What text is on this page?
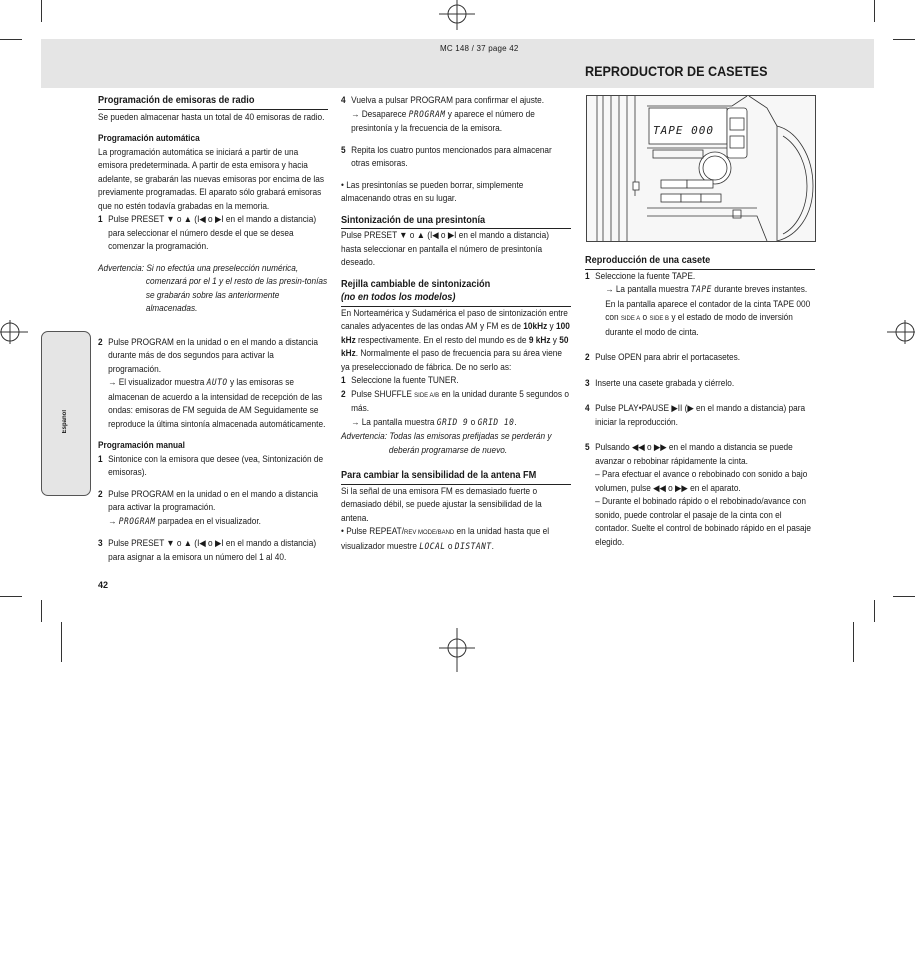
MC 148 / 37 page 42
REPRODUCTOR DE CASETES
Español

Programación de emisoras de radio

Se pueden almacenar hasta un total de 40 emisoras de radio.

Programación automática

La programación automática se iniciará a partir de una emisora predeterminada. A partir de esta emisora y hacia adelante, se grabarán las nuevas emisoras por encima de las previamente programadas. El aparato sólo grabará emisoras que no estén todavía grabadas en la memoria.

1 Pulse PRESET ▼ o ▲ (I◀ o ▶I en el mando a distancia) para seleccionar el número desde el que se desea comenzar la programación.

Advertencia: Si no efectúa una preselección numérica,

comenzará por el 1 y el resto de las presin-tonías se grabarán sobre las anteriormente almacenadas.

2 Pulse PROGRAM en la unidad o en el mando a distancia durante más de dos segundos para activar la programación.
→ El visualizador muestra AUTO y las emisoras se almacenan de acuerdo a la intensidad de recepción de las ondas: emisoras de FM seguida de AM Seguidamente se reproduce la última sintonía almacenada automáticamente.

Programación manual

1 Sintonice con la emisora que desee (vea, Sintonización de emisoras).
2 Pulse PROGRAM en la unidad o en el mando a distancia para activar la programación.
→ PROGRAM parpadea en el visualizador.
3 Pulse PRESET ▼ o ▲ (I◀ o ▶I en el mando a distancia) para asignar a la emisora un número del 1 al 40.
42
4 Vuelva a pulsar PROGRAM para confirmar el ajuste.
→ Desaparece PROGRAM y aparece el número de presintonía y la frecuencia de la emisora.
5 Repita los cuatro puntos mencionados para almacenar otras emisoras.

• Las presintonías se pueden borrar, simplemente almacenando otras en su lugar.

Sintonización de una presintonía

Pulse PRESET ▼ o ▲ (I◀ o ▶I en el mando a distancia) hasta seleccionar en pantalla el número de presintonía deseado.

Rejilla cambiable de sintonización

(no en todos los modelos)

En Norteamérica y Sudamérica el paso de sintonización entre canales adyacentes de las ondas AM y FM es de 10kHz y 100 kHz respectivamente. En el resto del mundo es de 9 kHz y 50 kHz. Normalmente el paso de frecuencia para su área viene ya preseleccionado de fábrica. De no serlo as:

1 Seleccione la fuente TUNER.
2 Pulse SHUFFLE SIDE A/B en la unidad durante 5 segundos o más.
→ La pantalla muestra GRID 9 o GRID 10.

Advertencia: Todas las emisoras prefijadas se perderán y

deberán programarse de nuevo.

Para cambiar la sensibilidad de la antena FM

Si la señal de una emisora FM es demasiado fuerte o demasiado débil, se puede ajustar la sensibilidad de la antena.

• Pulse REPEAT/REV MODE/BAND en la unidad hasta que el visualizador muestre LOCAL o DISTANT.

TAPE 000

Reproducción de una casete

1 Seleccione la fuente TAPE.
→ La pantalla muestra TAPE durante breves instantes. En la pantalla aparece el contador de la cinta TAPE 000 con SIDE A o SIDE B y el estado de modo de inversión durante el modo de cinta.
2 Pulse OPEN para abrir el portacasetes.
3 Inserte una casete grabada y ciérrelo.
4 Pulse PLAY•PAUSE ▶II (▶ en el mando a distancia) para iniciar la reproducción.
5 Pulsando ◀◀ o ▶▶ en el mando a distancia se puede avanzar o rebobinar rápidamente la cinta.

– Para efectuar el avance o rebobinado con sonido a bajo volumen, pulse ◀◀ o ▶▶ en el aparato.

– Durante el bobinado rápido o el rebobinado/avance con sonido, puede controlar el pasaje de la cinta con el contador. Suelte el control de bobinado rápido en el pasaje elegido.
